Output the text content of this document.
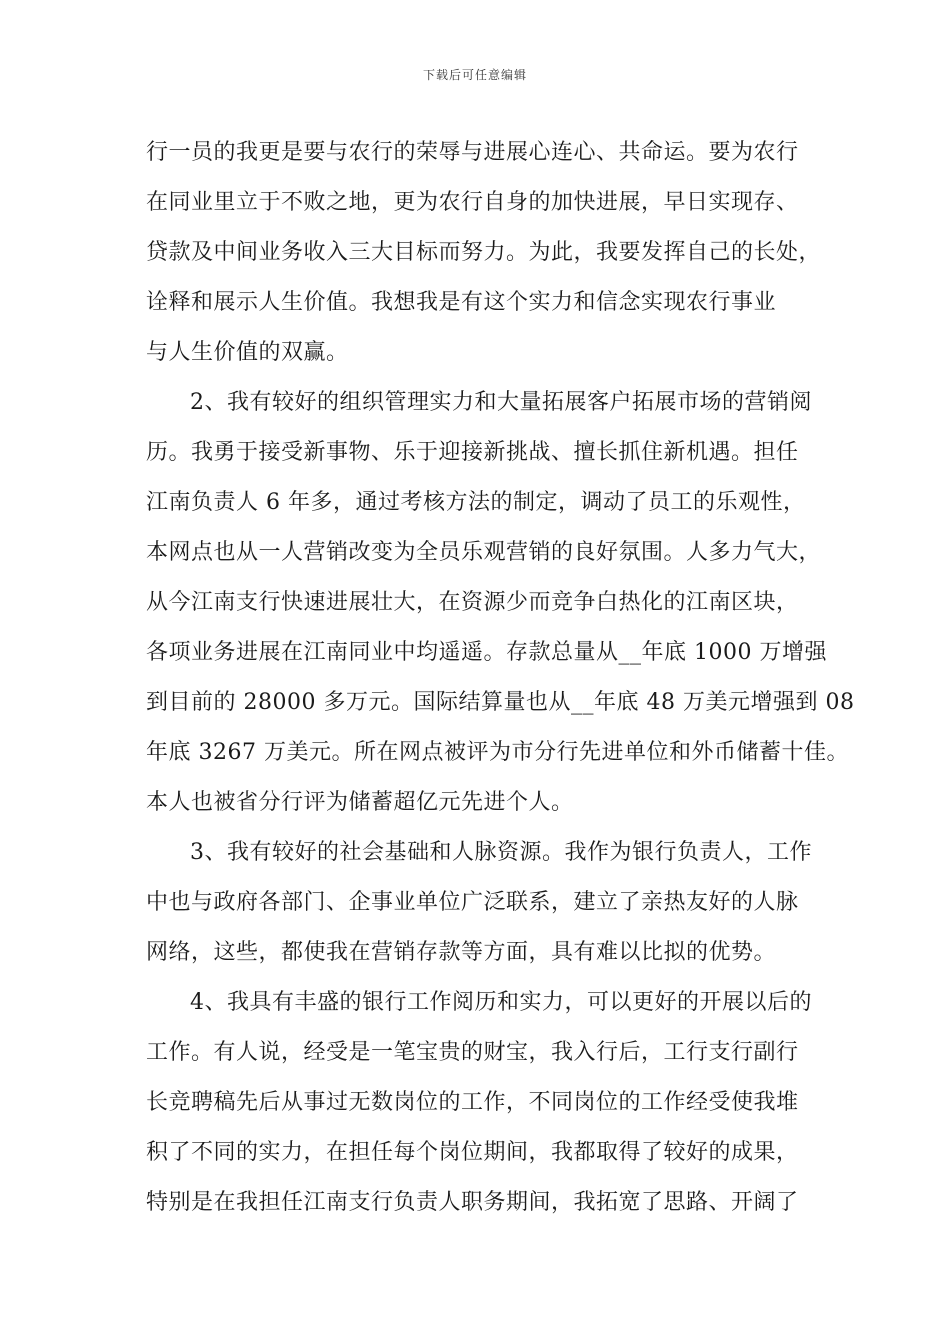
下载后可任意编辑
行一员的我更是要与农行的荣辱与进展心连心、共命运。要为农行
在同业里立于不败之地，更为农行自身的加快进展，早日实现存、
贷款及中间业务收入三大目标而努力。为此，我要发挥自己的长处，
诠释和展示人生价值。我想我是有这个实力和信念实现农行事业
与人生价值的双赢。
2、我有较好的组织管理实力和大量拓展客户拓展市场的营销阅
历。我勇于接受新事物、乐于迎接新挑战、擅长抓住新机遇。担任
江南负责人 6 年多，通过考核方法的制定，调动了员工的乐观性，
本网点也从一人营销改变为全员乐观营销的良好氛围。人多力气大，
从今江南支行快速进展壮大，在资源少而竞争白热化的江南区块，
各项业务进展在江南同业中均遥遥。存款总量从__年底 1000 万增强
到目前的 28000 多万元。国际结算量也从__年底 48 万美元增强到 08
年底 3267 万美元。所在网点被评为市分行先进单位和外币储蓄十佳。
本人也被省分行评为储蓄超亿元先进个人。
3、我有较好的社会基础和人脉资源。我作为银行负责人，工作
中也与政府各部门、企事业单位广泛联系，建立了亲热友好的人脉
网络，这些，都使我在营销存款等方面，具有难以比拟的优势。
4、我具有丰盛的银行工作阅历和实力，可以更好的开展以后的
工作。有人说，经受是一笔宝贵的财宝，我入行后，工行支行副行
长竞聘稿先后从事过无数岗位的工作，不同岗位的工作经受使我堆
积了不同的实力，在担任每个岗位期间，我都取得了较好的成果，
特别是在我担任江南支行负责人职务期间，我拓宽了思路、开阔了
